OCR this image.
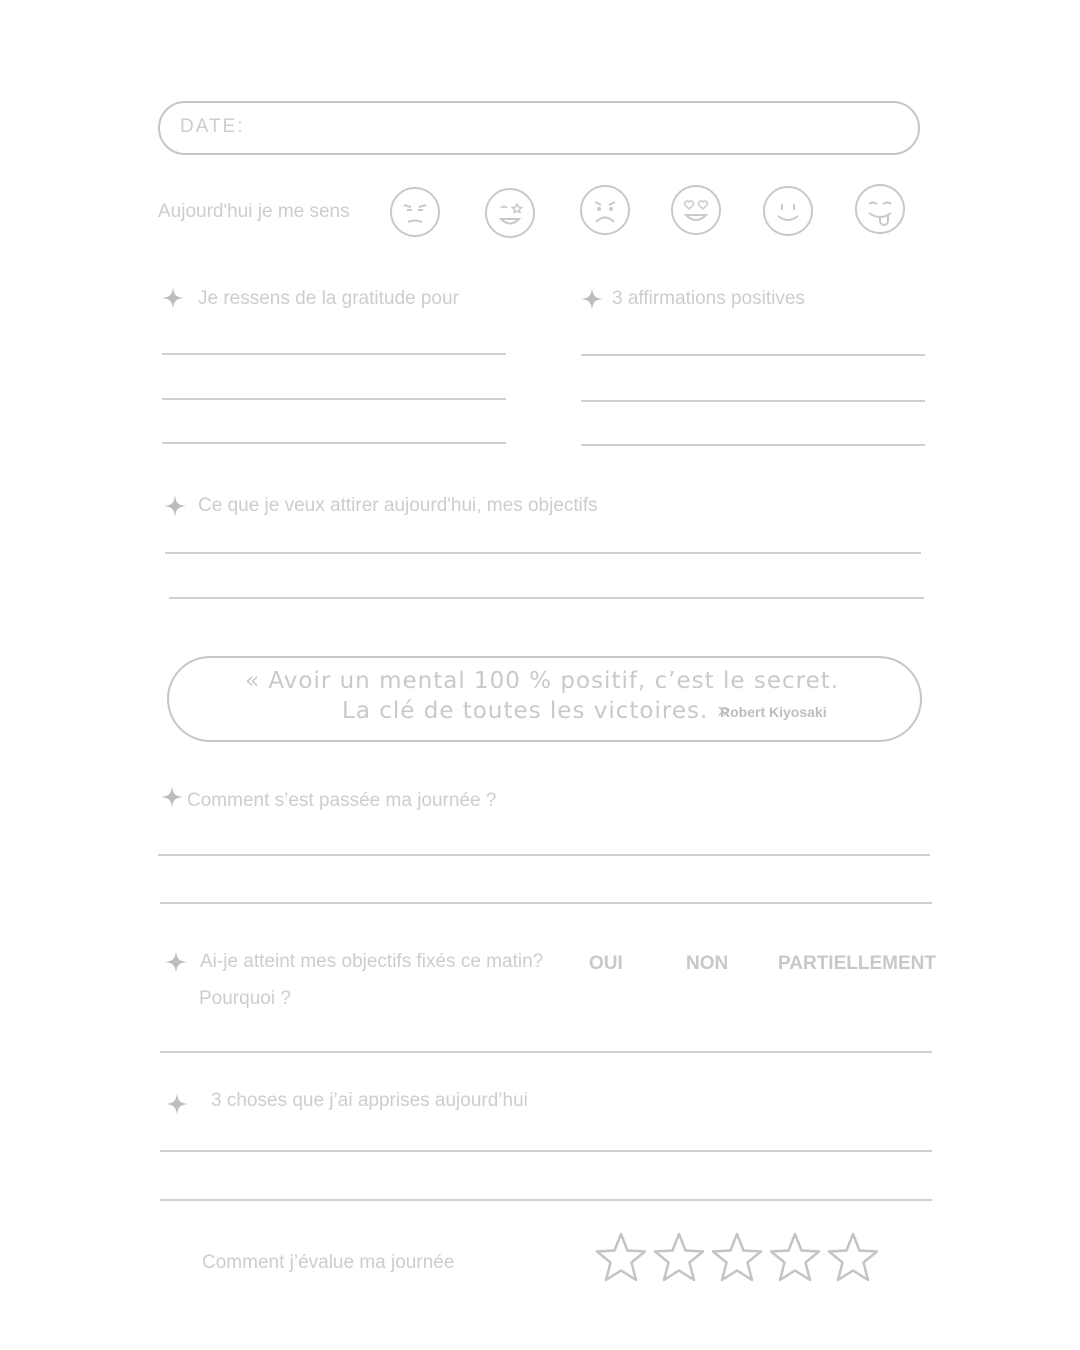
DATE:
Aujourd'hui je me sens
Je ressens de la gratitude pour	3 affirmations positives
Ce que je veux attirer aujourd'hui, mes objectifs
« Avoir un mental 100 % positif, c’est le secret.
La clé de toutes les victoires. »
Robert Kiyosaki
Comment s’est passée ma journée ?
Ai-je atteint mes objectifs fixés ce matin? OUI	NON	PARTIELLEMENT
Pourquoi ?
3 choses que j’ai apprises aujourd’hui
Comment j’évalue ma journée
